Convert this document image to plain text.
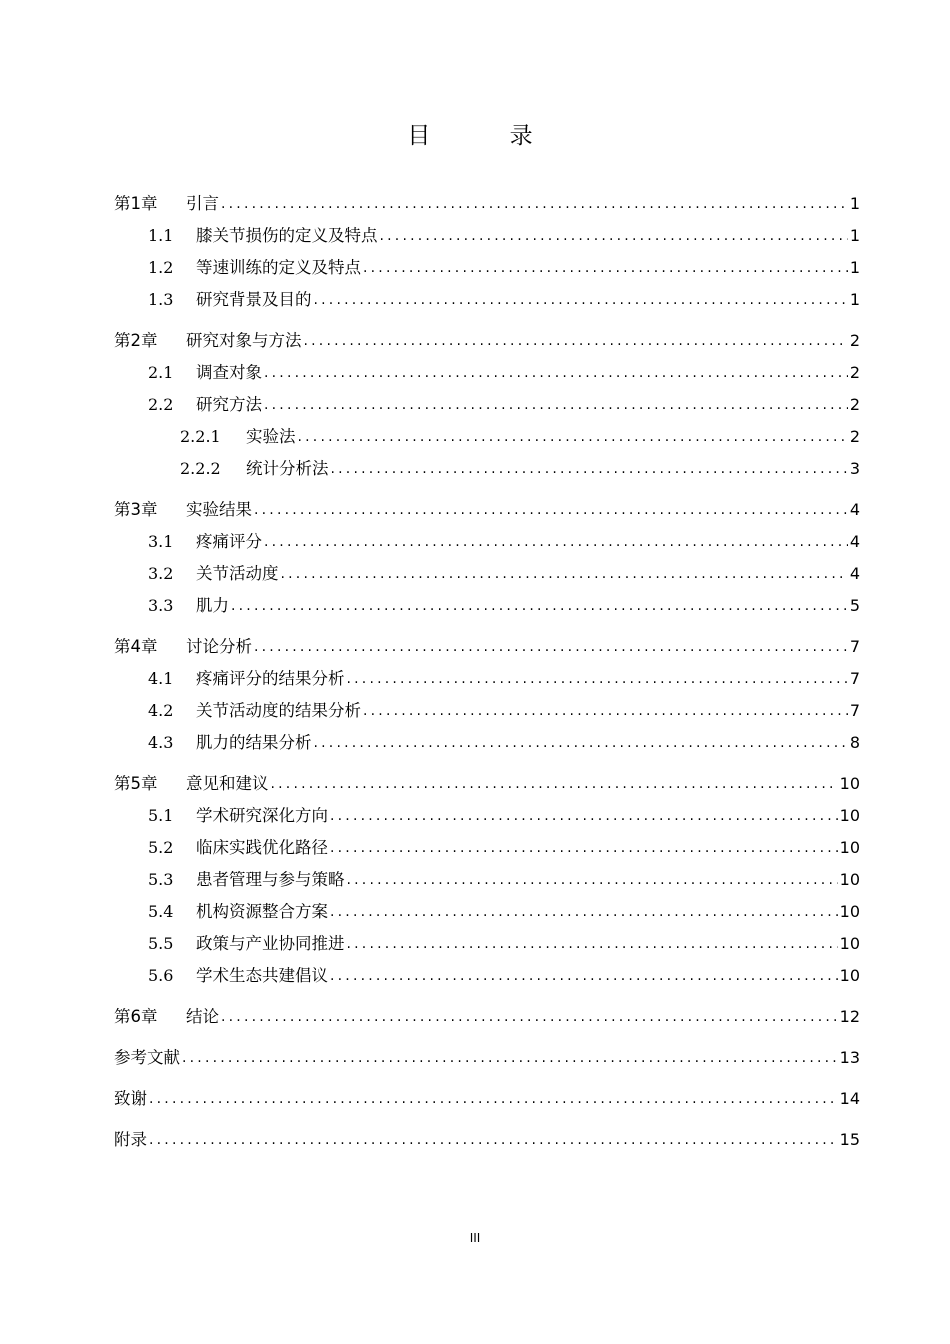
目 录
第1章 引言 .....	1
1.1 膝关节损伤的定义及特点 .....	1
1.2 等速训练的定义及特点 .....	1
1.3 研究背景及目的 .....	1
第2章 研究对象与方法 .....	2
2.1 调查对象 .....	2
2.2 研究方法 .....	2
2.2.1 实验法 .....	2
2.2.2 统计分析法 .....	3
第3章 实验结果 .....	4
3.1 疼痛评分 .....	4
3.2 关节活动度 .....	4
3.3 肌力 .....	5
第4章 讨论分析 .....	7
4.1 疼痛评分的结果分析 .....	7
4.2 关节活动度的结果分析 .....	7
4.3 肌力的结果分析 .....	8
第5章 意见和建议 .....	10
5.1 学术研究深化方向 .....	10
5.2 临床实践优化路径 .....	10
5.3 患者管理与参与策略 .....	10
5.4 机构资源整合方案 .....	10
5.5 政策与产业协同推进 .....	10
5.6 学术生态共建倡议 .....	10
第6章 结论 .....	12
参考文献 .....	13
致谢 .....	14
附录 .....	15
III
